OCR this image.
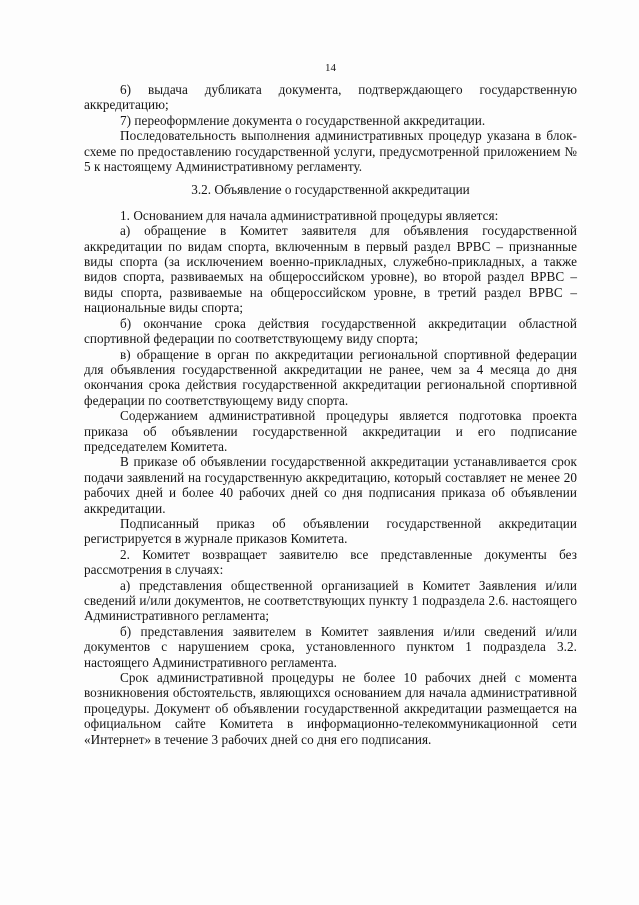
14

6) выдача дубликата документа, подтверждающего государственную аккредитацию;

7) переоформление документа о государственной аккредитации.

Последовательность выполнения административных процедур указана в блок-схеме по предоставлению государственной услуги, предусмотренной приложением № 5 к настоящему Административному регламенту.

3.2. Объявление о государственной аккредитации

1. Основанием для начала административной процедуры является:

а) обращение в Комитет заявителя для объявления государственной аккредитации по видам спорта, включенным в первый раздел ВРВС – признанные виды спорта (за исключением военно-прикладных, служебно-прикладных, а также видов спорта, развиваемых на общероссийском уровне), во второй раздел ВРВС – виды спорта, развиваемые на общероссийском уровне, в третий раздел ВРВС – национальные виды спорта;

б) окончание срока действия государственной аккредитации областной спортивной федерации по соответствующему виду спорта;

в) обращение в орган по аккредитации региональной спортивной федерации для объявления государственной аккредитации не ранее, чем за 4 месяца до дня окончания срока действия государственной аккредитации региональной спортивной федерации по соответствующему виду спорта.

Содержанием административной процедуры является подготовка проекта приказа об объявлении государственной аккредитации и его подписание председателем Комитета.

В приказе об объявлении государственной аккредитации устанавливается срок подачи заявлений на государственную аккредитацию, который составляет не менее 20 рабочих дней и более 40 рабочих дней со дня подписания приказа об объявлении аккредитации.

Подписанный приказ об объявлении государственной аккредитации регистрируется в журнале приказов Комитета.

2. Комитет возвращает заявителю все представленные документы без рассмотрения в случаях:

а) представления общественной организацией в Комитет Заявления и/или сведений и/или документов, не соответствующих пункту 1 подраздела 2.6. настоящего Административного регламента;

б) представления заявителем в Комитет заявления и/или сведений и/или документов с нарушением срока, установленного пунктом 1 подраздела 3.2. настоящего Административного регламента.

Срок административной процедуры не более 10 рабочих дней с момента возникновения обстоятельств, являющихся основанием для начала административной процедуры. Документ об объявлении государственной аккредитации размещается на официальном сайте Комитета в информационно-телекоммуникационной сети «Интернет» в течение 3 рабочих дней со дня его подписания.
